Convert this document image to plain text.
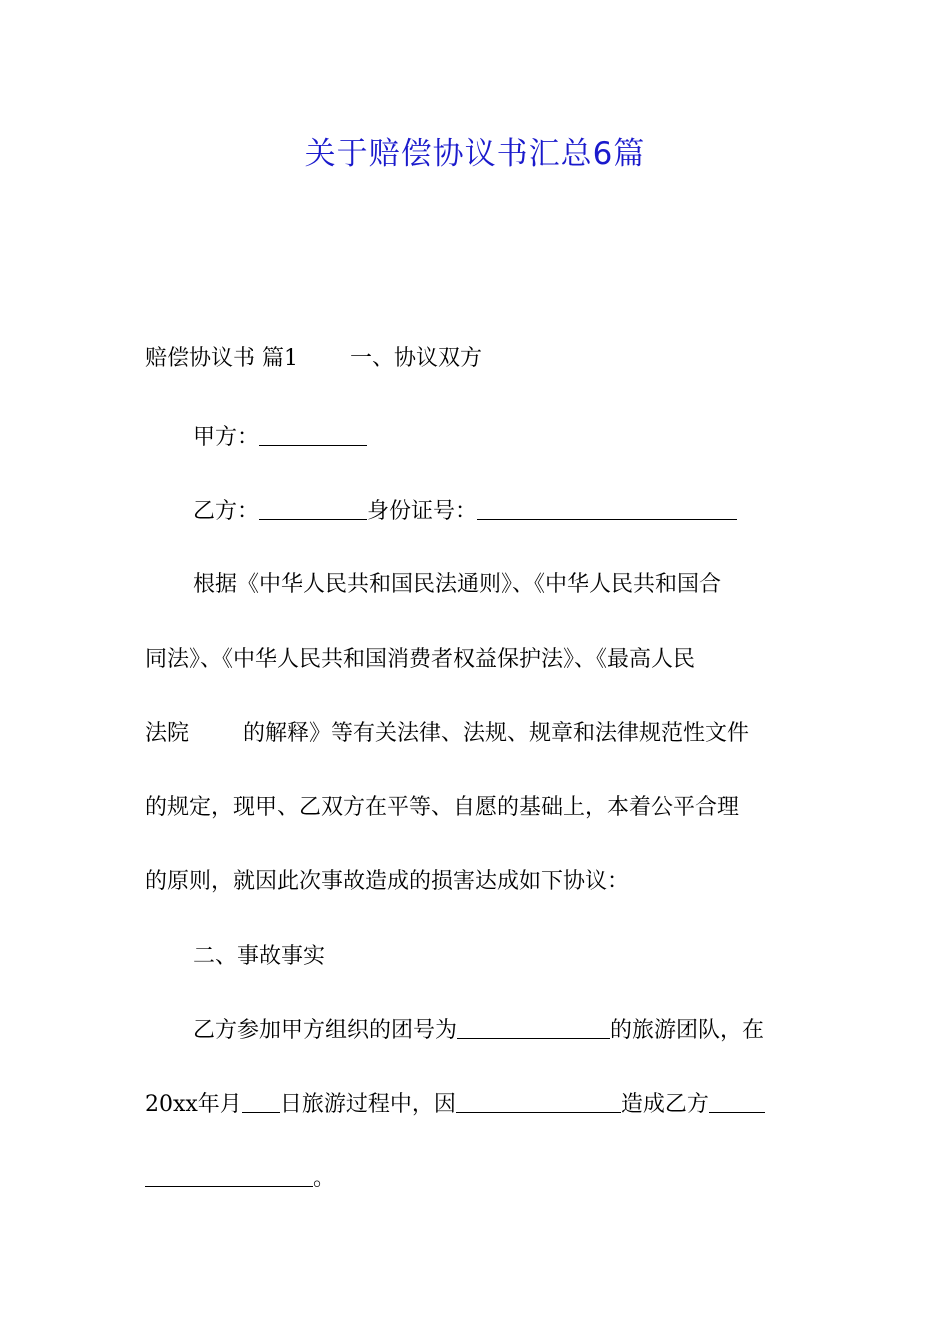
关于赔偿协议书汇总6篇
赔偿协议书 篇1 一、协议双方
甲方：
乙方：	身份证号：
根据《中华人民共和国民法通则》、《中华人民共和国合
同法》、《中华人民共和国消费者权益保护法》、《最高人民
法院 的解释》等有关法律、法规、规章和法律规范性文件
的规定，现甲、乙双方在平等、自愿的基础上，本着公平合理
的原则，就因此次事故造成的损害达成如下协议：
二、事故事实
乙方参加甲方组织的团号为	的旅游团队，在
20xx年月 日旅游过程中，因	造成乙方
。
